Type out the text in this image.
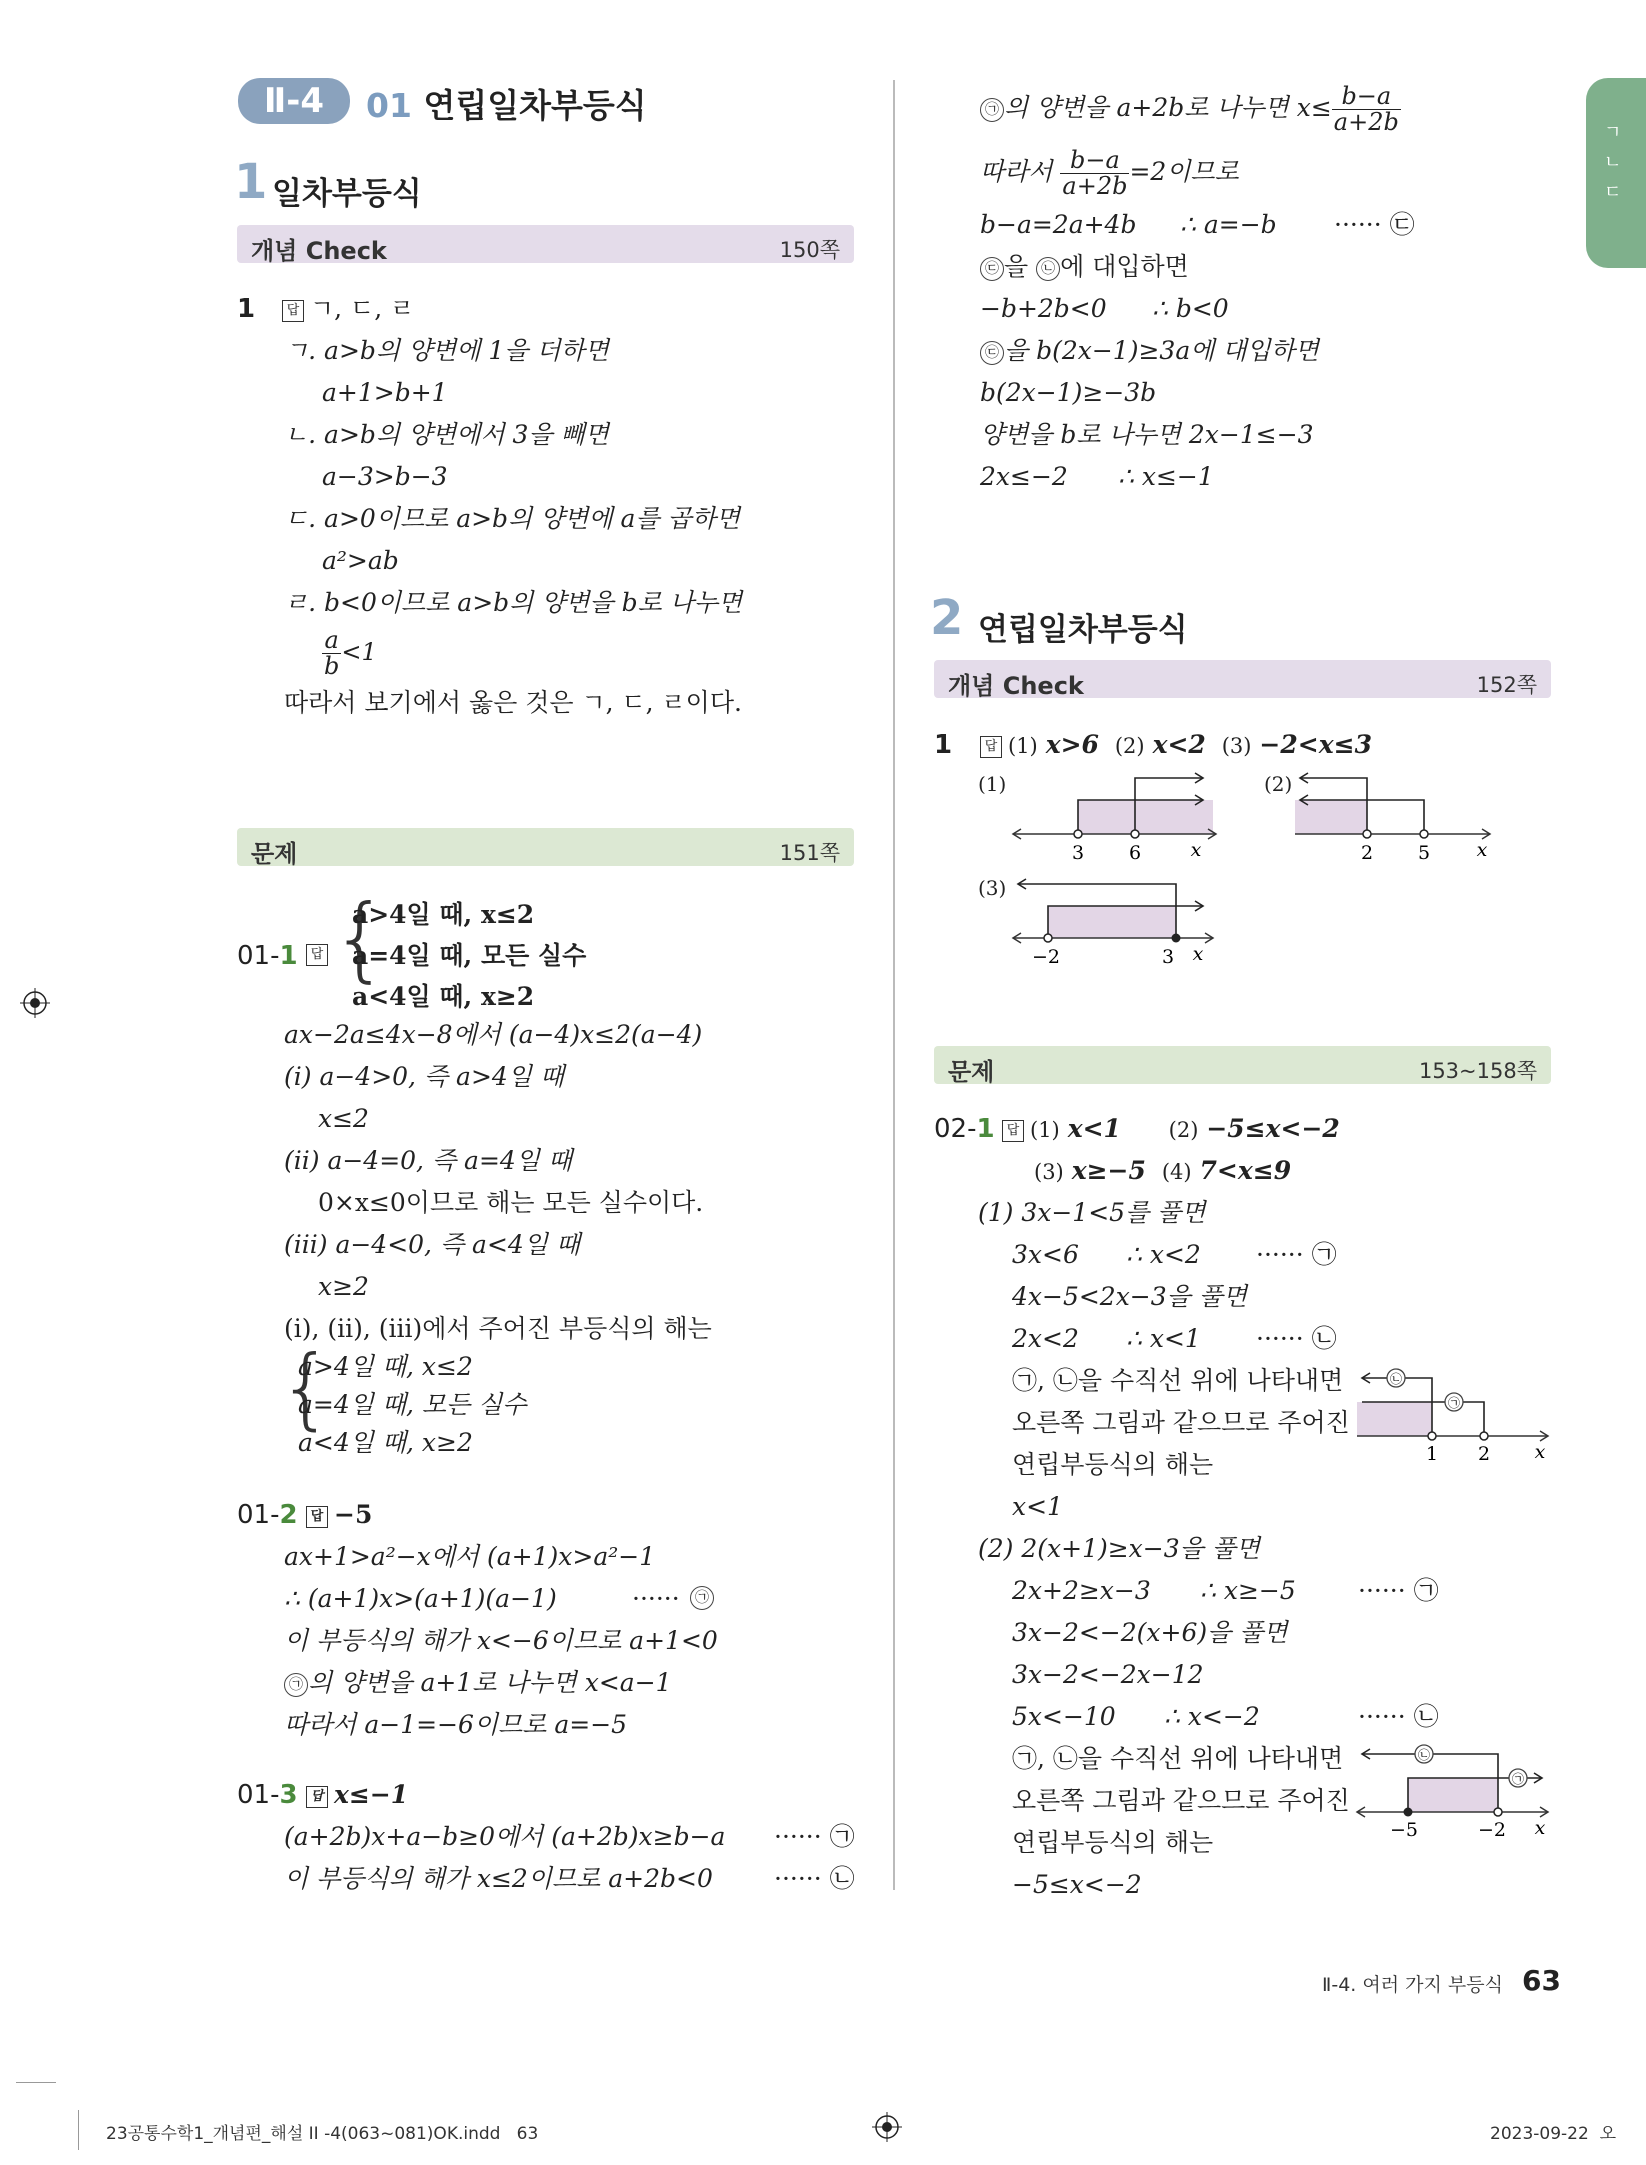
ㄱ ㄴ ㄷ
Ⅱ-4	01 연립일차부등식
1 일차부등식
개념 Check	150쪽
1	답 ㄱ, ㄷ, ㄹ
ㄱ. a>b의 양변에 1을 더하면
a+1>b+1
ㄴ. a>b의 양변에서 3을 빼면
a−3>b−3
ㄷ. a>0이므로 a>b의 양변에 a를 곱하면
a²>ab
ㄹ. b<0이므로 a>b의 양변을 b로 나누면
$\frac{a}{b} <1$
따라서 보기에서 옳은 것은 ㄱ, ㄷ, ㄹ이다.
문제	151쪽
01-1	답 {
a>4일 때, x≤2
a=4일 때, 모든 실수
a<4일 때, x≥2
ax−2a≤4x−8에서 (a−4)x≤2(a−4)
(ⅰ) a−4>0, 즉 a>4일 때
x≤2
(ⅱ) a−4=0, 즉 a=4일 때
0×x≤0이므로 해는 모든 실수이다.
(ⅲ) a−4<0, 즉 a<4일 때
x≥2
(ⅰ), (ⅱ), (ⅲ)에서 주어진 부등식의 해는
{
a>4일 때, x≤2
a=4일 때, 모든 실수
a<4일 때, x≥2
01-2	답 −5
ax+1>a²−x에서 (a+1)x>a²−1
∴ (a+1)x>(a+1)(a−1)	······	㉠
이 부등식의 해가 x<−6이므로 a+1<0
㉠ 의 양변을 a+1로 나누면 x<a−1
따라서 a−1=−6이므로 a=−5
01-3	답 x≤−1
(a+2b)x+a−b≥0에서 (a+2b)x≥b−a ······ ㉠
이 부등식의 해가 x≤2이므로 a+2b<0 ······ ㉡
㉠ 의 양변을 a+2b로 나누면 $x\le \frac{b-a}{a+2b}$
따라서 $\frac{b-a}{a+2b} =2$이므로
b−a=2a+4b ∴ a=−b ······ ㉢
㉢ 을 ㉡ 에 대입하면
−b+2b<0 ∴ b<0
㉢ 을 b(2x−1)≥3a에 대입하면
b(2x−1)≥−3b
양변을 b로 나누면 2x−1≤−3
2x≤−2 ∴ x≤−1
2 연립일차부등식
개념 Check	152쪽
1	답 (1) x>6 (2) x<2 (3) −2<x≤3
(1)
3 6	x
(2)
2 5 x
(3)
−2	3 x
문제	153~158쪽
02-1 답 (1) x<1 (2) −5≤x<−2
(3) x≥−5 (4) 7<x≤9
(1) 3x−1<5를 풀면
3x<6 ∴ x<2 ······ ㉠
4x−5<2x−3을 풀면
2x<2 ∴ x<1 ······ ㉡
㉠, ㉡을 수직선 위에 나타내면
오른쪽 그림과 같으므로 주어진
연립부등식의 해는
x<1
㉡
㉠
1 2 x
(2) 2(x+1)≥x−3을 풀면
2x+2≥x−3 ∴ x≥−5 ······ ㉠
3x−2<−2(x+6)을 풀면
3x−2<−2x−12
5x<−10 ∴ x<−2	······ ㉡
㉠, ㉡을 수직선 위에 나타내면
오른쪽 그림과 같으므로 주어진
연립부등식의 해는
−5≤x<−2
㉡
㉠
−5	−2 x
Ⅱ-4. 여러 가지 부등식 63
23공통수학1_개념편_해설 II -4(063~081)OK.indd   63	2023-09-22  오
